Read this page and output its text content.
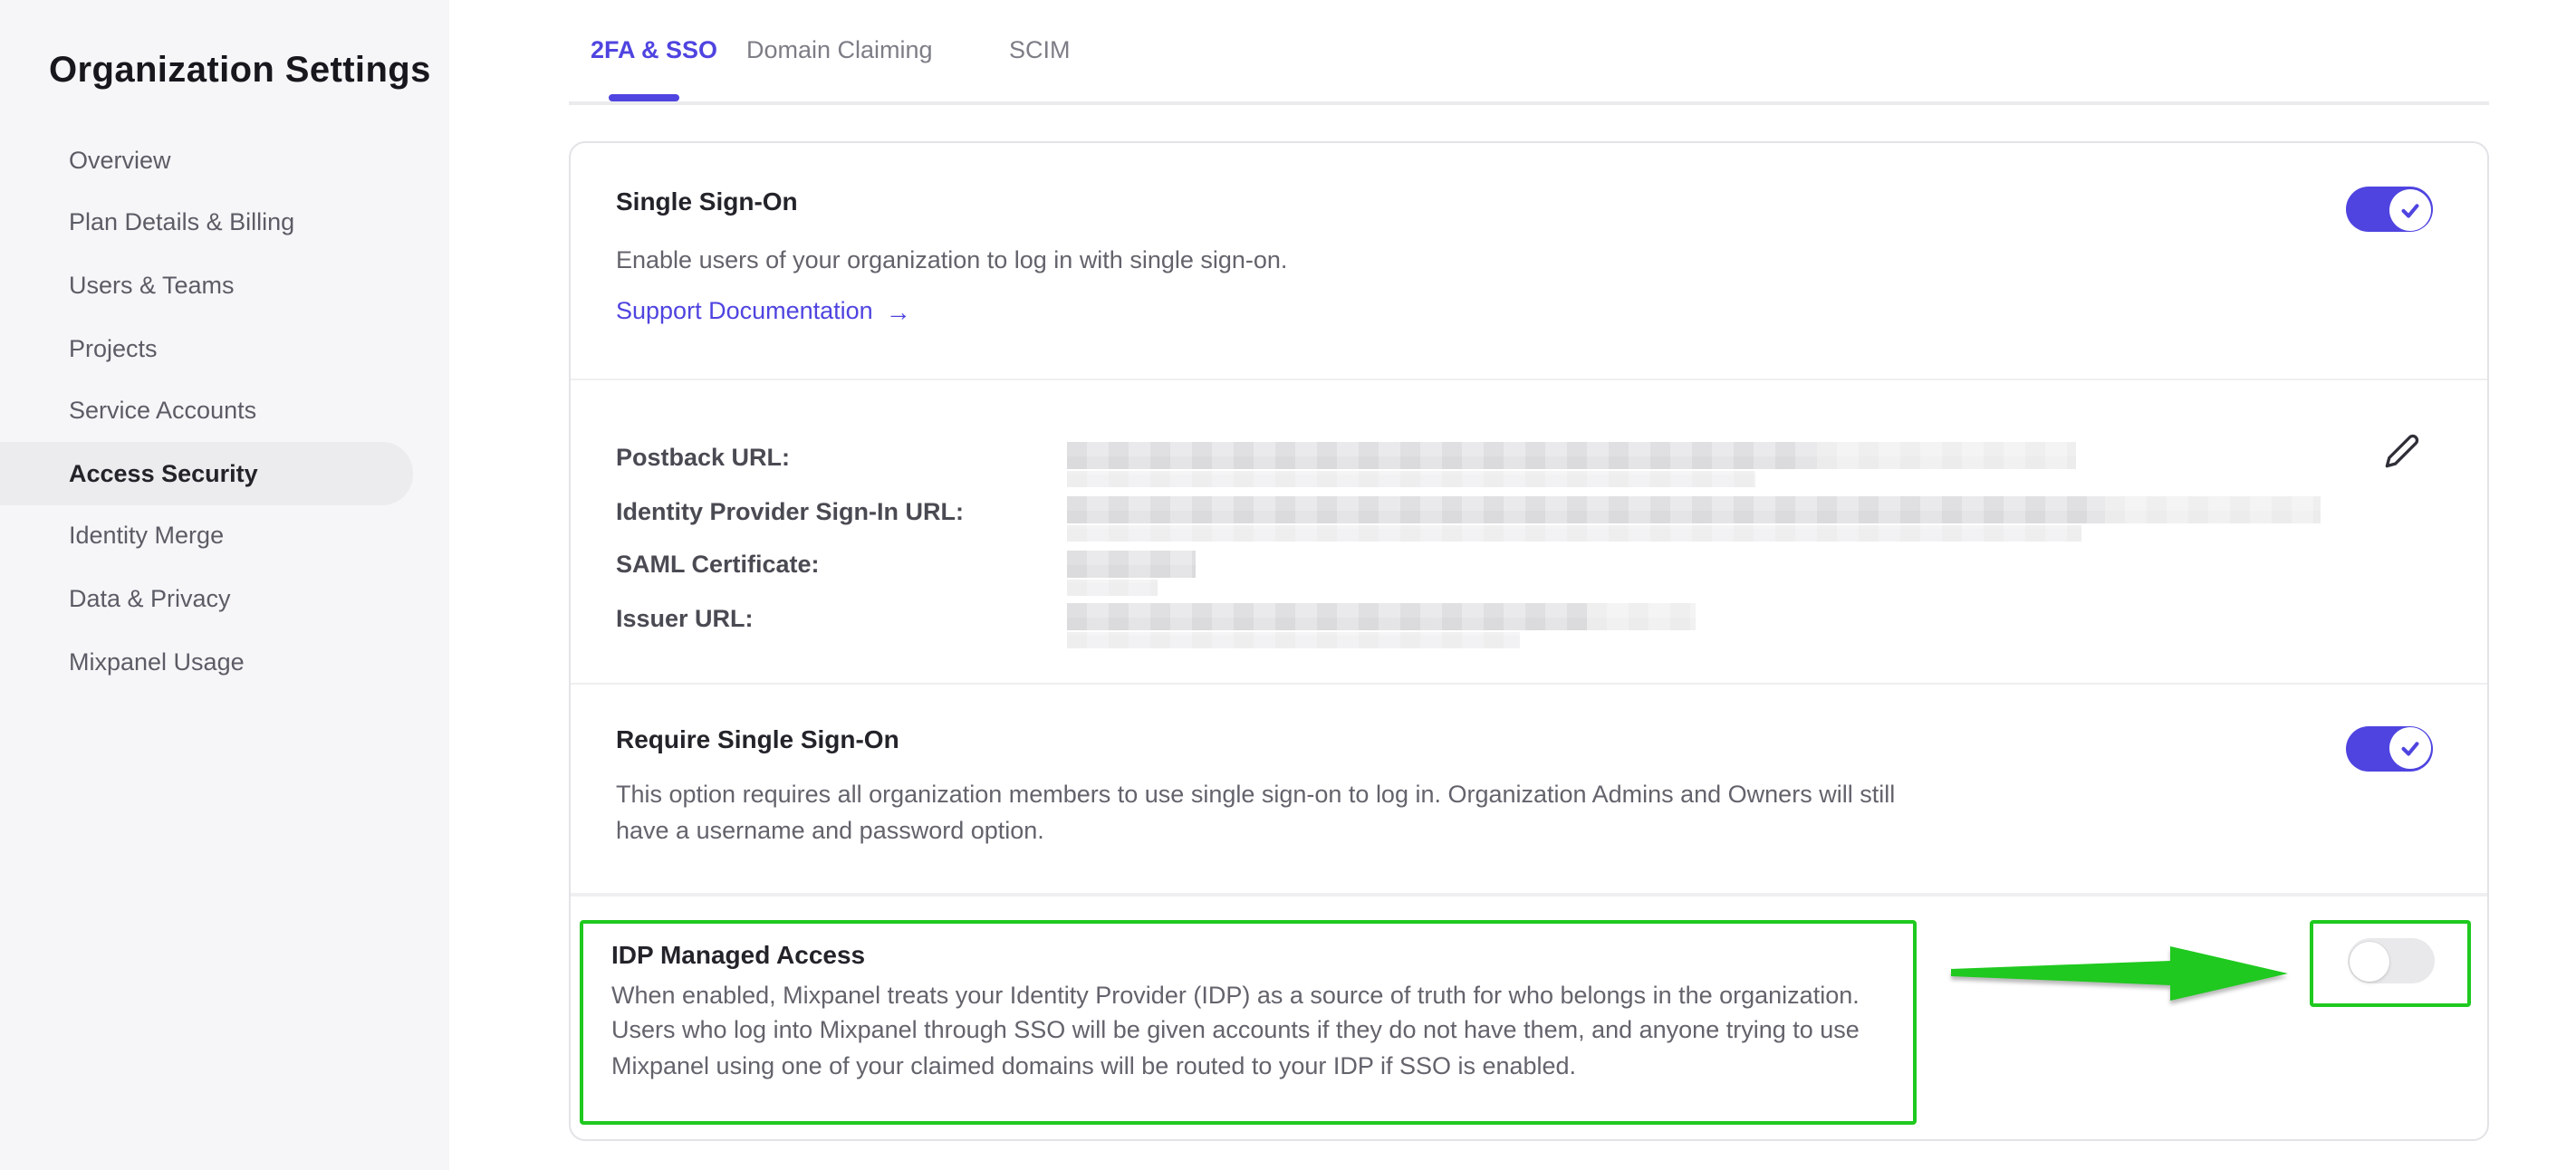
Organization Settings
Overview
Plan Details & Billing
Users & Teams
Projects
Service Accounts
Access Security
Identity Merge
Data & Privacy
Mixpanel Usage
2FA & SSO Domain Claiming	SCIM
Single Sign-On
Enable users of your organization to log in with single sign-on.
Support Documentation →
Postback URL:
Identity Provider Sign-In URL:
SAML Certificate:
Issuer URL:
Require Single Sign-On
This option requires all organization members to use single sign-on to log in. Organization Admins and Owners will still have a username and password option.
IDP Managed Access
When enabled, Mixpanel treats your Identity Provider (IDP) as a source of truth for who belongs in the organization. Users who log into Mixpanel through SSO will be given accounts if they do not have them, and anyone trying to use Mixpanel using one of your claimed domains will be routed to your IDP if SSO is enabled.
